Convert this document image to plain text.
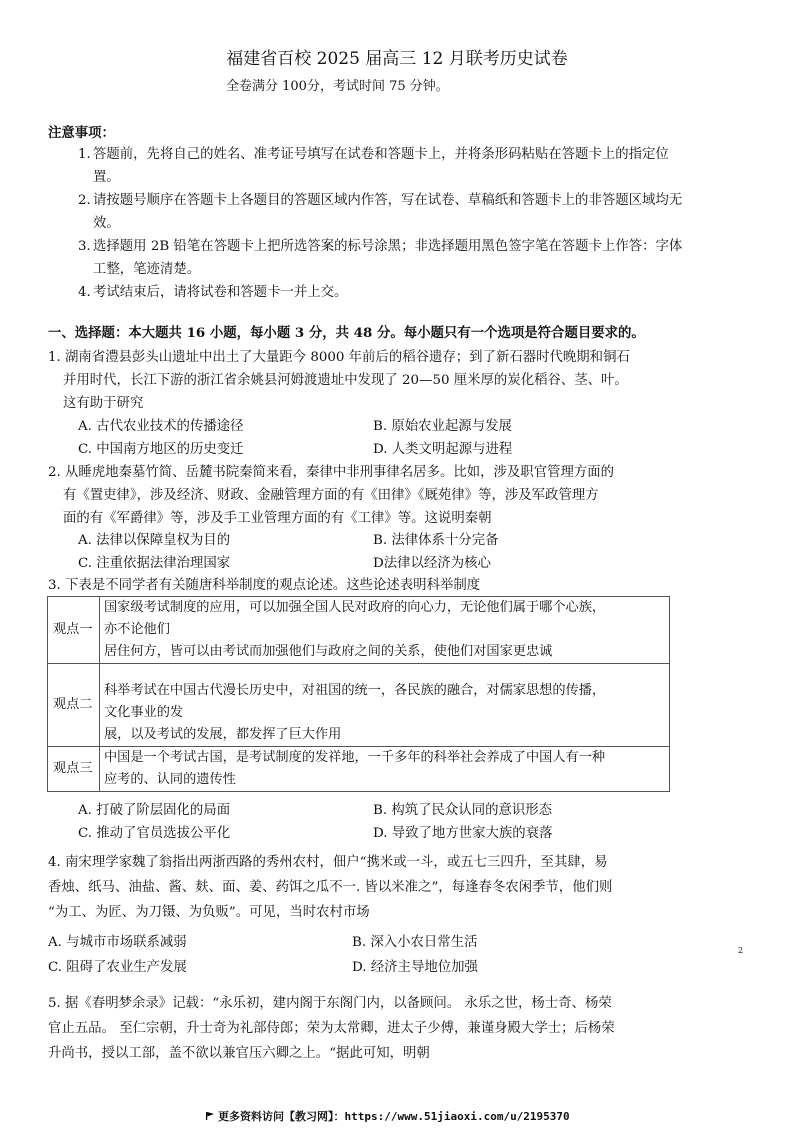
福建省百校 2025 届高三 12 月联考历史试卷
全卷满分 100分，考试时间 75 分钟。
注意事项：
1. 答题前，先将自己的姓名、准考证号填写在试卷和答题卡上，并将条形码粘贴在答题卡上的指定位置。
2. 请按题号顺序在答题卡上各题目的答题区域内作答，写在试卷、草稿纸和答题卡上的非答题区域均无效。
3. 选择题用 2B 铅笔在答题卡上把所选答案的标号涂黑；非选择题用黑色签字笔在答题卡上作答：字体工整，笔迹清楚。
4. 考试结束后，请将试卷和答题卡一并上交。
一、选择题：本大题共 16 小题，每小题 3 分，共 48 分。每小题只有一个选项是符合题目要求的。
1. 湖南省澧县彭头山遗址中出土了大量距今 8000 年前后的稻谷遗存；到了新石器时代晚期和铜石
并用时代，长江下游的浙江省余姚县河姆渡遗址中发现了 20—50 厘米厚的炭化稻谷、茎、叶。
这有助于研究
A. 古代农业技术的传播途径	B. 原始农业起源与发展
C. 中国南方地区的历史变迁	D. 人类文明起源与进程
2. 从睡虎地秦墓竹简、岳麓书院秦简来看，秦律中非刑事律名居多。比如，涉及职官管理方面的
有《置吏律》，涉及经济、财政、金融管理方面的有《田律》《厩苑律》等，涉及军政管理方
面的有《军爵律》等，涉及手工业管理方面的有《工律》等。这说明秦朝
A. 法律以保障皇权为目的	B. 法律体系十分完备
C. 注重依据法律治理国家	D法律以经济为核心
3. 下表是不同学者有关随唐科举制度的观点论述。这些论述表明科举制度
观点一	国家级考试制度的应用，可以加强全国人民对政府的向心力，无论他们属于哪个心族，
亦不论他们
居住何方，皆可以由考试而加强他们与政府之间的关系，使他们对国家更忠诚

观点二	科举考试在中国古代漫长历史中，对祖国的统一，各民族的融合，对儒家思想的传播，
文化事业的发
展，以及考试的发展，都发挥了巨大作用

观点三	中国是一个考试古国，是考试制度的发祥地，一千多年的科举社会养成了中国人有一种
应考的、认同的遗传性
A. 打破了阶层固化的局面	B. 构筑了民众认同的意识形态
C. 推动了官员选拔公平化	D. 导致了地方世家大族的衰落
4. 南宋理学家魏了翁指出两浙西路的秀州农村，佃户“携米或一斗，或五七三四升，至其肆，易
香烛、纸马、油盐、酱、麸、面、姜、药饵之瓜不一. 皆以米准之”，每逢春冬农闲季节，他们则
“为工、为匠、为刀镊、为负贩”。可见，当时农村市场
A. 与城市市场联系减弱	B. 深入小农日常生活
C. 阻碍了农业生产发展	D. 经济主导地位加强
2
5. 据《春明梦余录》记载：“永乐初，建内阁于东阁门内，以备顾问。 永乐之世，杨士奇、杨荣
官止五品。 至仁宗朝，升士奇为礼部侍郎；荣为太常卿，进太子少傅，兼谨身殿大学士；后杨荣
升尚书，授以工部，盖不欲以兼官压六卿之上。“据此可知，明朝
更多资料访问【教习网】：https://www.51jiaoxi.com/u/2195370
